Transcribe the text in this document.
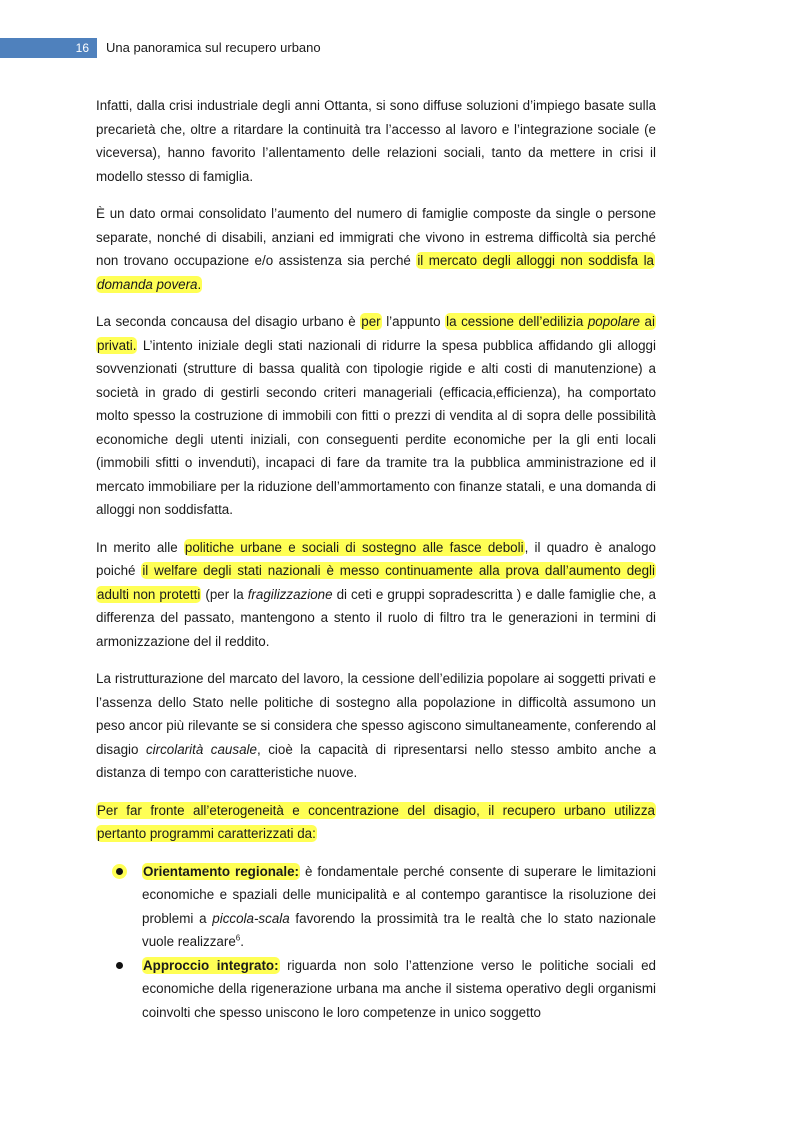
16	Una panoramica sul recupero urbano

Infatti, dalla crisi industriale degli anni Ottanta, si sono diffuse soluzioni d’impiego basate sulla precarietà che, oltre a ritardare la continuità tra l’accesso al lavoro e l’integrazione sociale (e viceversa), hanno favorito l’allentamento delle relazioni sociali, tanto da mettere in crisi il modello stesso di famiglia.

È un dato ormai consolidato l’aumento del numero di famiglie composte da single o persone separate, nonché di disabili, anziani ed immigrati che vivono in estrema difficoltà sia perché non trovano occupazione e/o assistenza sia perché il mercato degli alloggi non soddisfa la domanda povera.

La seconda concausa del disagio urbano è per l’appunto la cessione dell’edilizia popolare ai privati. L’intento iniziale degli stati nazionali di ridurre la spesa pubblica affidando gli alloggi sovvenzionati (strutture di bassa qualità con tipologie rigide e alti costi di manutenzione) a società in grado di gestirli secondo criteri manageriali (efficacia,efficienza), ha comportato molto spesso la costruzione di immobili con fitti o prezzi di vendita al di sopra delle possibilità economiche degli utenti iniziali, con conseguenti perdite economiche per la gli enti locali (immobili sfitti o invenduti), incapaci di fare da tramite tra la pubblica amministrazione ed il mercato immobiliare per la riduzione dell’ammortamento con finanze statali, e una domanda di alloggi non soddisfatta.

In merito alle politiche urbane e sociali di sostegno alle fasce deboli, il quadro è analogo poiché il welfare degli stati nazionali è messo continuamente alla prova dall’aumento degli adulti non protetti (per la fragilizzazione di ceti e gruppi sopradescritta ) e dalle famiglie che, a differenza del passato, mantengono a stento il ruolo di filtro tra le generazioni in termini di armonizzazione del il reddito.

La ristrutturazione del marcato del lavoro, la cessione dell’edilizia popolare ai soggetti privati e l’assenza dello Stato nelle politiche di sostegno alla popolazione in difficoltà assumono un peso ancor più rilevante se si considera che spesso agiscono simultaneamente, conferendo al disagio circolarità causale, cioè la capacità di ripresentarsi nello stesso ambito anche a distanza di tempo con caratteristiche nuove.

Per far fronte all’eterogeneità e concentrazione del disagio, il recupero urbano utilizza pertanto programmi caratterizzati da:

Orientamento regionale: è fondamentale perché consente di superare le limitazioni economiche e spaziali delle municipalità e al contempo garantisce la risoluzione dei problemi a piccola-scala favorendo la prossimità tra le realtà che lo stato nazionale vuole realizzare$^6$.
Approccio integrato: riguarda non solo l’attenzione verso le politiche sociali ed economiche della rigenerazione urbana ma anche il sistema operativo degli organismi coinvolti che spesso uniscono le loro competenze in unico soggetto
